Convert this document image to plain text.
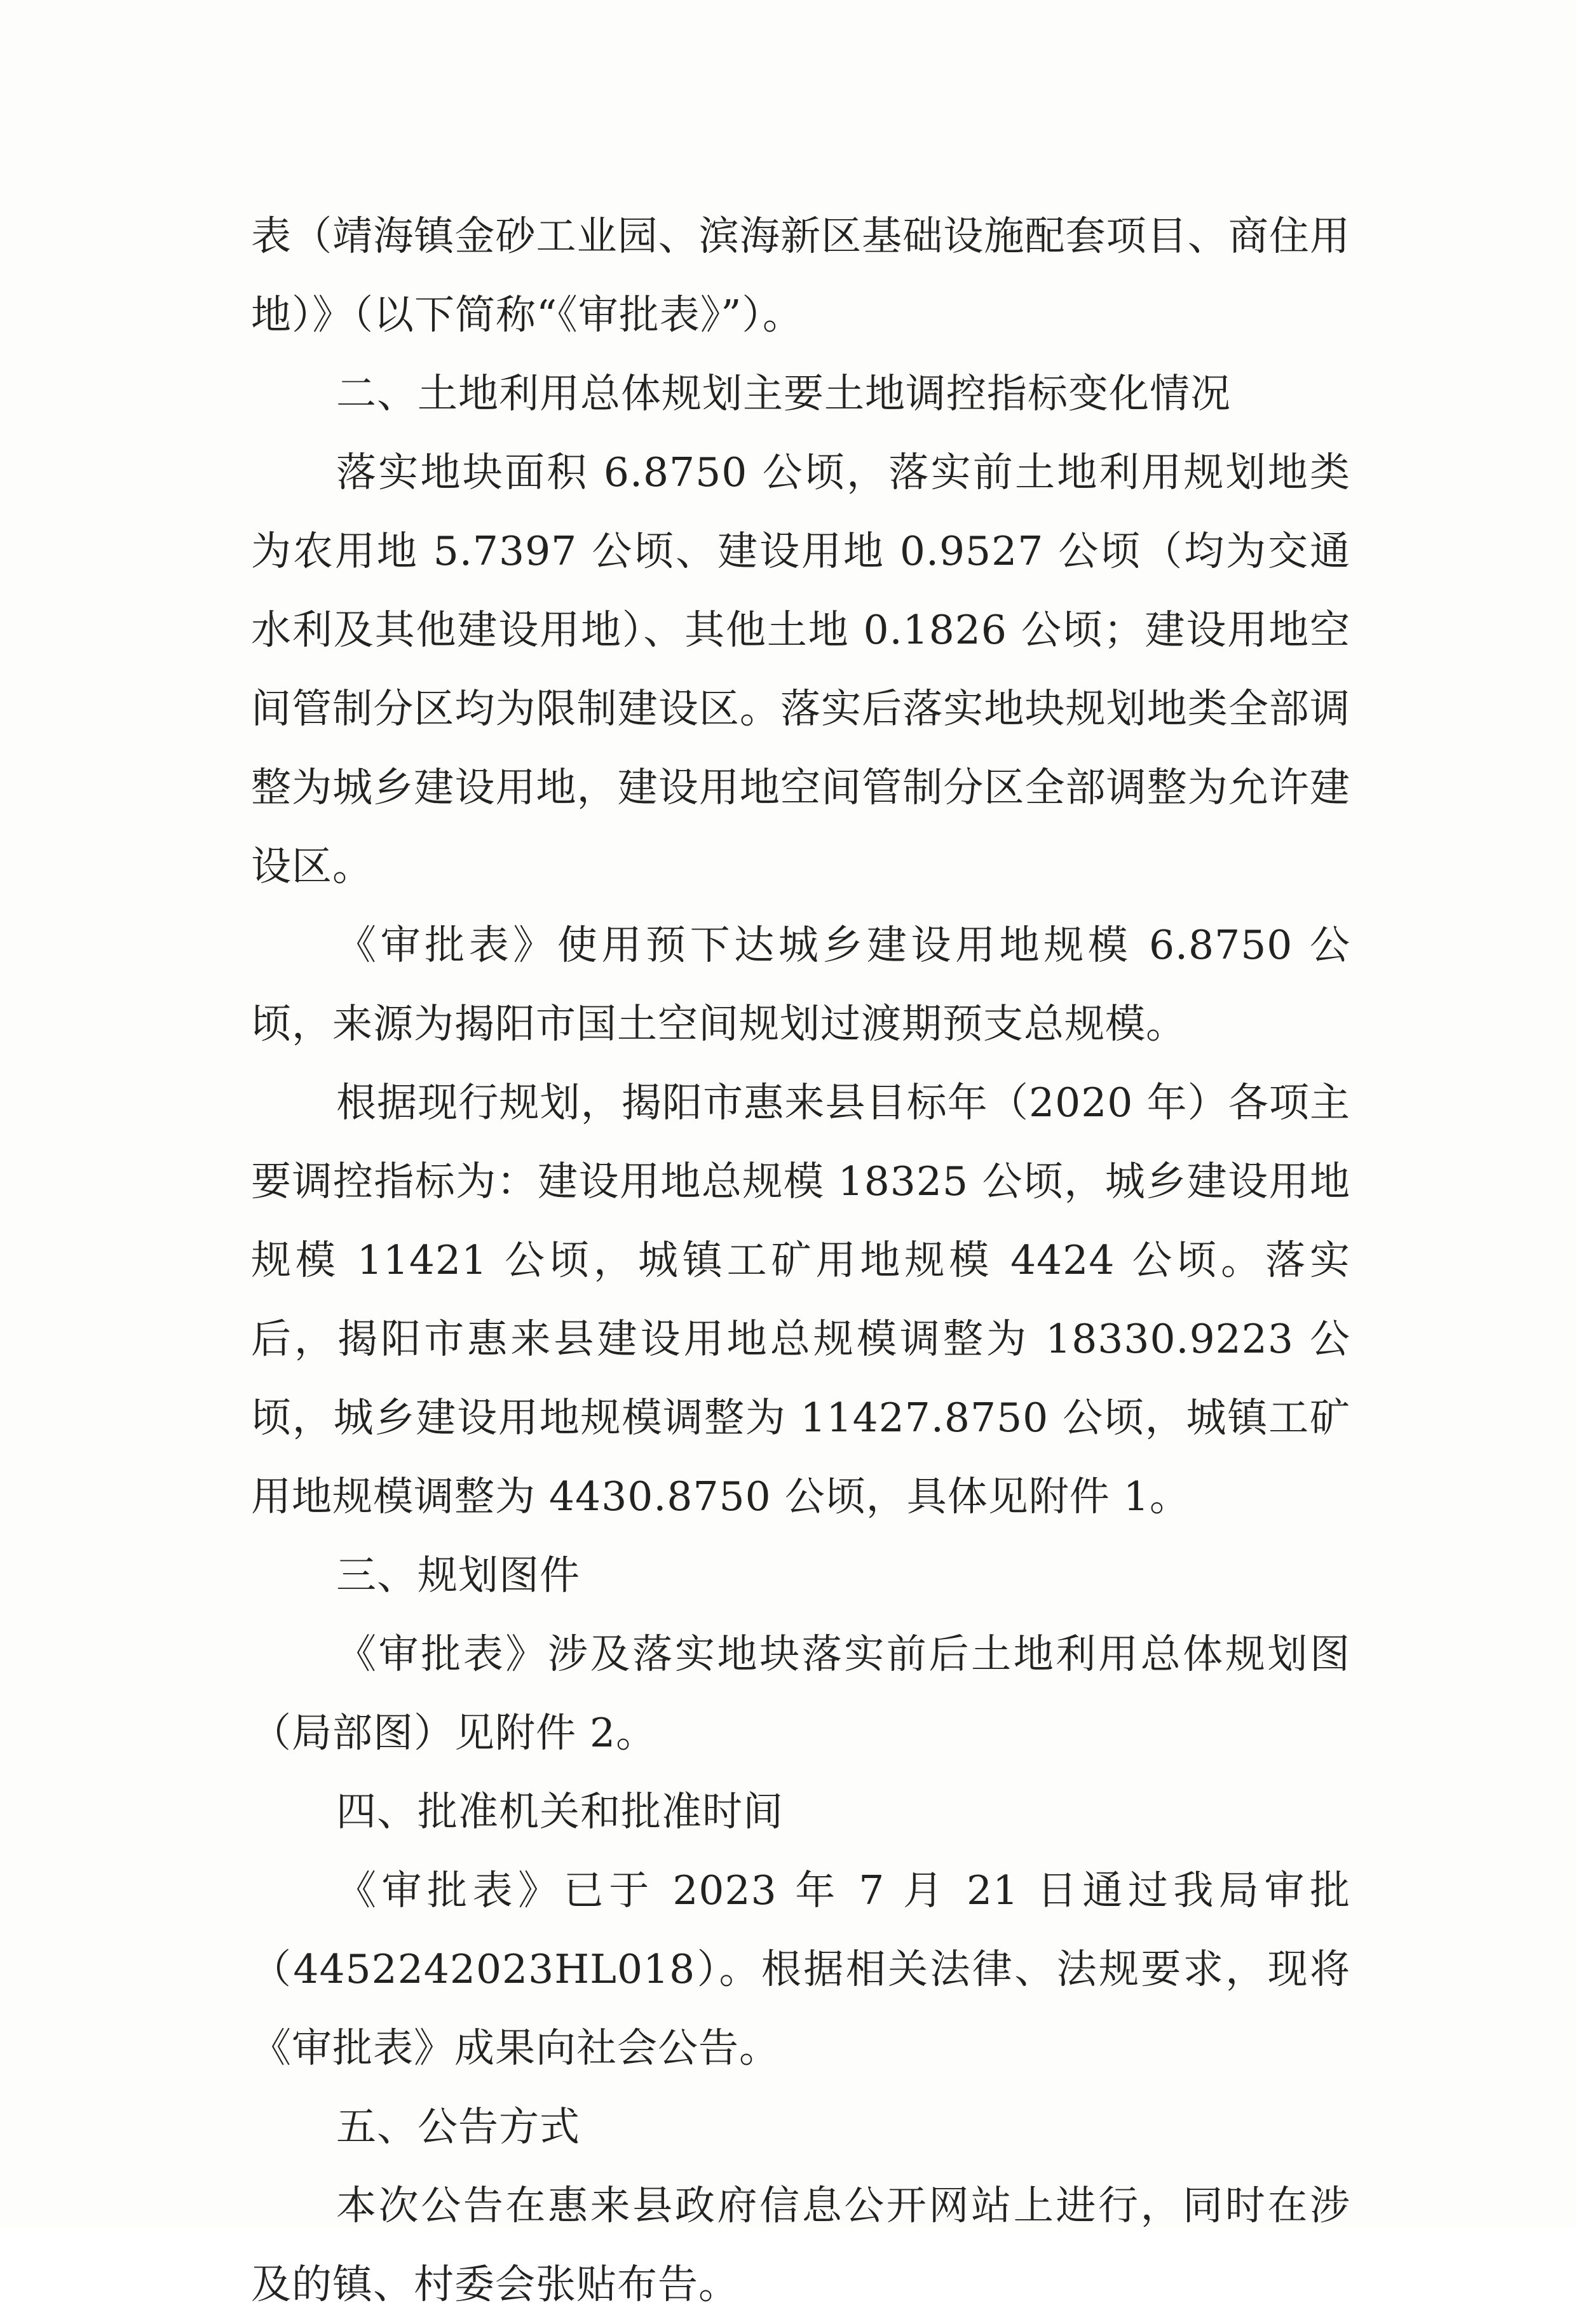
表（靖海镇金砂工业园、滨海新区基础设施配套项目、商住用地）》（以下简称“《审批表》”）。

二、土地利用总体规划主要土地调控指标变化情况

落实地块面积 6.8750 公顷，落实前土地利用规划地类为农用地 5.7397 公顷、建设用地 0.9527 公顷（均为交通水利及其他建设用地）、其他土地 0.1826 公顷；建设用地空间管制分区均为限制建设区。落实后落实地块规划地类全部调整为城乡建设用地，建设用地空间管制分区全部调整为允许建设区。

《审批表》使用预下达城乡建设用地规模 6.8750 公顷，来源为揭阳市国土空间规划过渡期预支总规模。

根据现行规划，揭阳市惠来县目标年（2020 年）各项主要调控指标为：建设用地总规模 18325 公顷，城乡建设用地规模 11421 公顷，城镇工矿用地规模 4424 公顷。落实后，揭阳市惠来县建设用地总规模调整为 18330.9223 公顷，城乡建设用地规模调整为 11427.8750 公顷，城镇工矿用地规模调整为 4430.8750 公顷，具体见附件 1。

三、规划图件

《审批表》涉及落实地块落实前后土地利用总体规划图（局部图）见附件 2。

四、批准机关和批准时间

《审批表》已于 2023 年 7 月 21 日通过我局审批（4452242023HL018）。根据相关法律、法规要求，现将《审批表》成果向社会公告。

五、公告方式

本次公告在惠来县政府信息公开网站上进行，同时在涉及的镇、村委会张贴布告。
